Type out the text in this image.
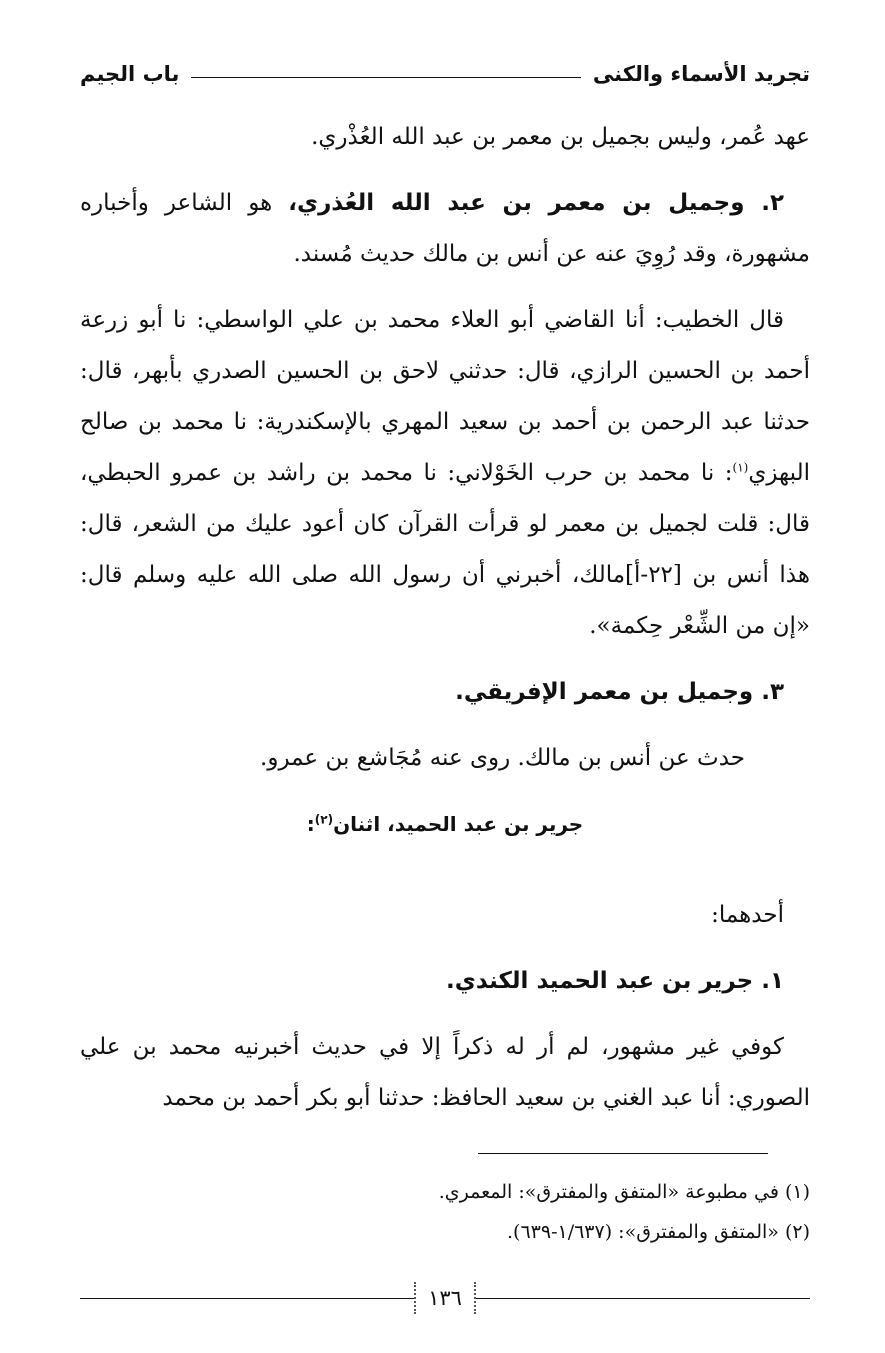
تجريد الأسماء والكنى
باب الجيم

عهد عُمر، وليس بجميل بن معمر بن عبد الله العُذْري.

٢. وجميل بن معمر بن عبد الله العُذري، هو الشاعر وأخباره مشهورة، وقد رُوِيَ عنه عن أنس بن مالك حديث مُسند.

قال الخطيب: أنا القاضي أبو العلاء محمد بن علي الواسطي: نا أبو زرعة أحمد بن الحسين الرازي، قال: حدثني لاحق بن الحسين الصدري بأبهر، قال: حدثنا عبد الرحمن بن أحمد بن سعيد المهري بالإسكندرية: نا محمد بن صالح البهزي$^{(١)}$: نا محمد بن حرب الخَوْلاني: نا محمد بن راشد بن عمرو الحبطي، قال: قلت لجميل بن معمر لو قرأت القرآن كان أعود عليك من الشعر، قال: هذا أنس بن [٢٢-أ]مالك، أخبرني أن رسول الله صلى الله عليه وسلم قال: «إن من الشِّعْر حِكمة».

٣. وجميل بن معمر الإفريقي.

حدث عن أنس بن مالك. روى عنه مُجَاشع بن عمرو.

جرير بن عبد الحميد، اثنان$^{(٢)}$:

أحدهما:

١. جرير بن عبد الحميد الكندي.

كوفي غير مشهور، لم أر له ذكراً إلا في حديث أخبرنيه محمد بن علي الصوري: أنا عبد الغني بن سعيد الحافظ: حدثنا أبو بكر أحمد بن محمد

(١) في مطبوعة «المتفق والمفترق»: المعمري.

(٢) «المتفق والمفترق»: (١/٦٣٧-٦٣٩).

١٣٦
